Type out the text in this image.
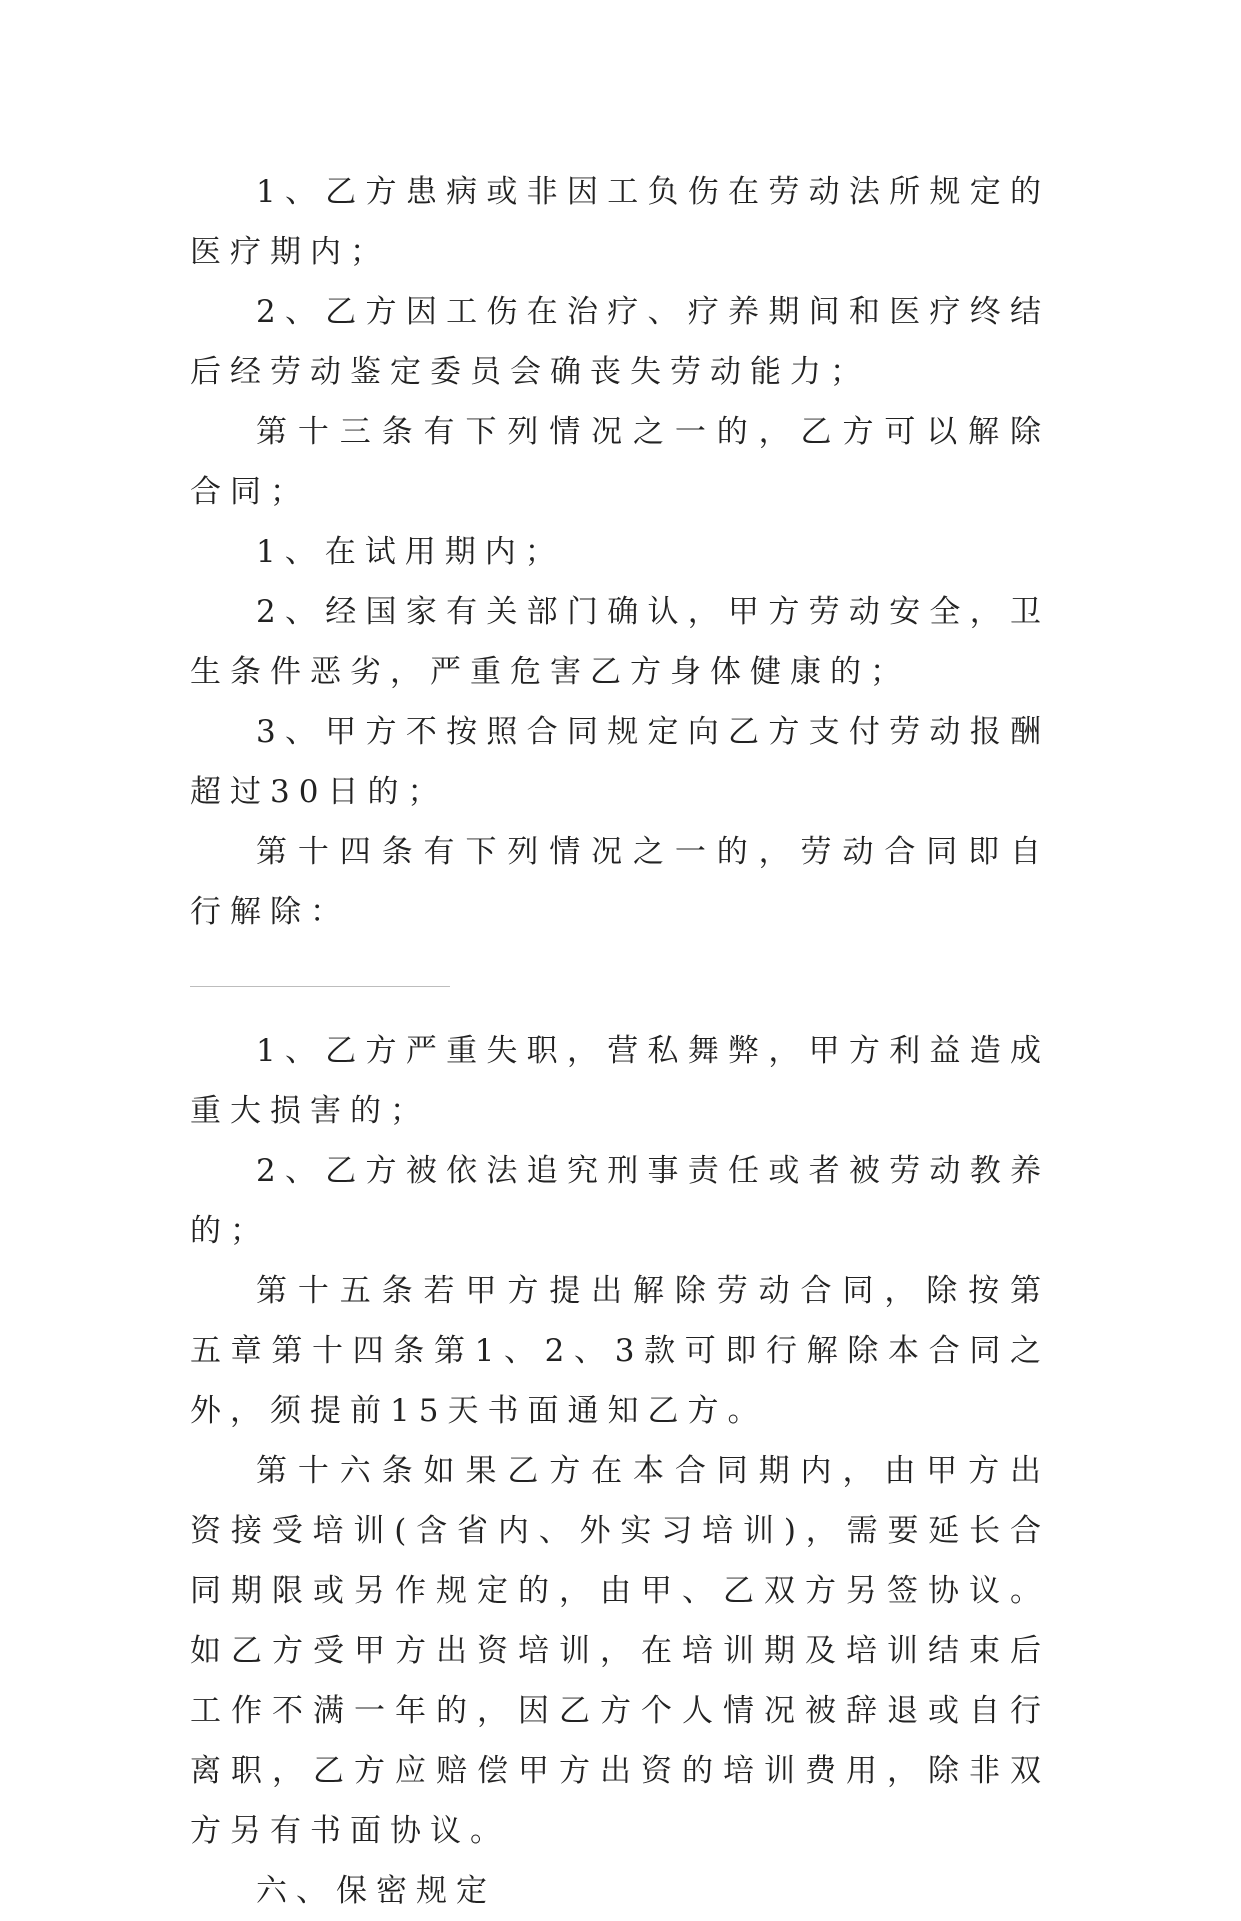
1、乙方患病或非因工负伤在劳动法所规定的医疗期内；

2、乙方因工伤在治疗、疗养期间和医疗终结后经劳动鉴定委员会确丧失劳动能力；

第十三条有下列情况之一的，乙方可以解除合同；

1、在试用期内；

2、经国家有关部门确认，甲方劳动安全，卫生条件恶劣，严重危害乙方身体健康的；

3、甲方不按照合同规定向乙方支付劳动报酬超过30日的；

第十四条有下列情况之一的，劳动合同即自行解除：

1、乙方严重失职，营私舞弊，甲方利益造成重大损害的；

2、乙方被依法追究刑事责任或者被劳动教养的；

第十五条若甲方提出解除劳动合同，除按第五章第十四条第1、2、3款可即行解除本合同之外，须提前15天书面通知乙方。

第十六条如果乙方在本合同期内，由甲方出资接受培训(含省内、外实习培训)，需要延长合同期限或另作规定的，由甲、乙双方另签协议。如乙方受甲方出资培训，在培训期及培训结束后工作不满一年的，因乙方个人情况被辞退或自行离职，乙方应赔偿甲方出资的培训费用，除非双方另有书面协议。

六、保密规定
